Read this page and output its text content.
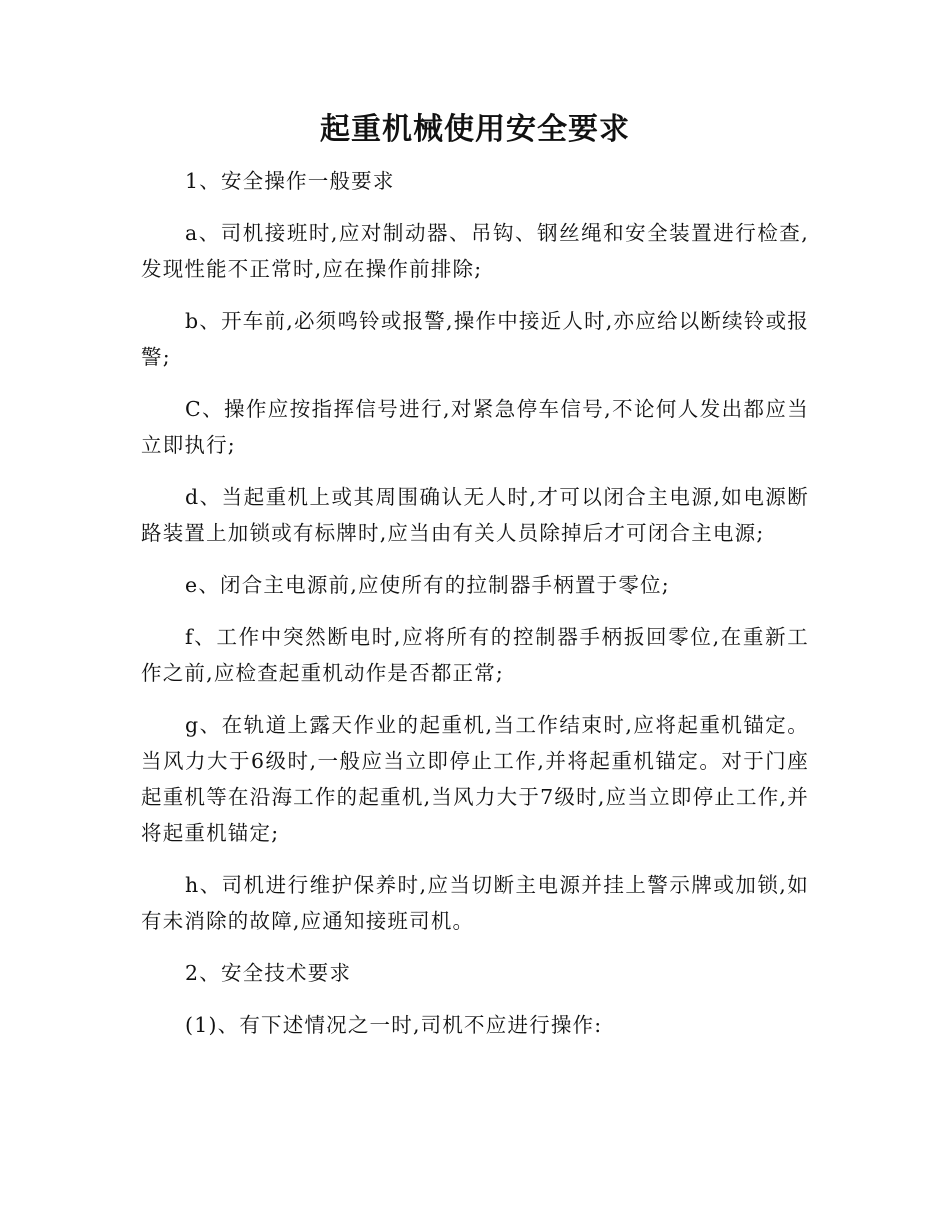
起重机械使用安全要求

1、安全操作一般要求

a、司机接班时,应对制动器、吊钩、钢丝绳和安全装置进行检查,发现性能不正常时,应在操作前排除;

b、开车前,必须鸣铃或报警,操作中接近人时,亦应给以断续铃或报警;

C、操作应按指挥信号进行,对紧急停车信号,不论何人发出都应当立即执行;

d、当起重机上或其周围确认无人时,才可以闭合主电源,如电源断路装置上加锁或有标牌时,应当由有关人员除掉后才可闭合主电源;

e、闭合主电源前,应使所有的拉制器手柄置于零位;

f、工作中突然断电时,应将所有的控制器手柄扳回零位,在重新工作之前,应检查起重机动作是否都正常;

g、在轨道上露天作业的起重机,当工作结束时,应将起重机锚定。当风力大于6级时,一般应当立即停止工作,并将起重机锚定。对于门座起重机等在沿海工作的起重机,当风力大于7级时,应当立即停止工作,并将起重机锚定;

h、司机进行维护保养时,应当切断主电源并挂上警示牌或加锁,如有未消除的故障,应通知接班司机。

2、安全技术要求

(1)、有下述情况之一时,司机不应进行操作:
